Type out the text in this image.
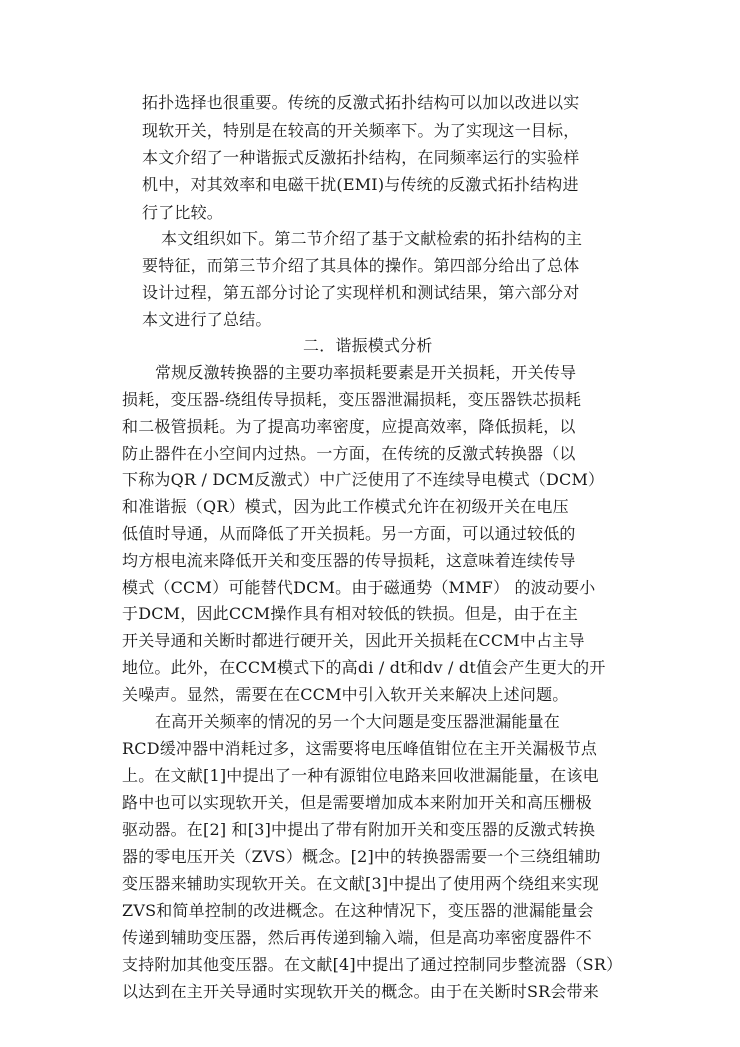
拓扑选择也很重要。传统的反激式拓扑结构可以加以改进以实
现软开关，特别是在较高的开关频率下。为了实现这一目标，
本文介绍了一种谐振式反激拓扑结构，在同频率运行的实验样
机中，对其效率和电磁干扰(EMI)与传统的反激式拓扑结构进
行了比较。
本文组织如下。第二节介绍了基于文献检索的拓扑结构的主
要特征，而第三节介绍了其具体的操作。第四部分给出了总体
设计过程，第五部分讨论了实现样机和测试结果，第六部分对
本文进行了总结。
二．谐振模式分析
常规反激转换器的主要功率损耗要素是开关损耗，开关传导
损耗，变压器-绕组传导损耗，变压器泄漏损耗，变压器铁芯损耗
和二极管损耗。为了提高功率密度，应提高效率，降低损耗，以
防止器件在小空间内过热。一方面，在传统的反激式转换器（以
下称为QR / DCM反激式）中广泛使用了不连续导电模式（DCM）
和准谐振（QR）模式，因为此工作模式允许在初级开关在电压
低值时导通，从而降低了开关损耗。另一方面，可以通过较低的
均方根电流来降低开关和变压器的传导损耗，这意味着连续传导
模式（CCM）可能替代DCM。由于磁通势（MMF） 的波动要小
于DCM，因此CCM操作具有相对较低的铁损。但是，由于在主
开关导通和关断时都进行硬开关，因此开关损耗在CCM中占主导
地位。此外，在CCM模式下的高di / dt和dv / dt值会产生更大的开
关噪声。显然，需要在在CCM中引入软开关来解决上述问题。
在高开关频率的情况的另一个大问题是变压器泄漏能量在
RCD缓冲器中消耗过多，这需要将电压峰值钳位在主开关漏极节点
上。在文献[1]中提出了一种有源钳位电路来回收泄漏能量，在该电
路中也可以实现软开关，但是需要增加成本来附加开关和高压栅极
驱动器。在[2] 和[3]中提出了带有附加开关和变压器的反激式转换
器的零电压开关（ZVS）概念。[2]中的转换器需要一个三绕组辅助
变压器来辅助实现软开关。在文献[3]中提出了使用两个绕组来实现
ZVS和简单控制的改进概念。在这种情况下，变压器的泄漏能量会
传递到辅助变压器，然后再传递到输入端，但是高功率密度器件不
支持附加其他变压器。在文献[4]中提出了通过控制同步整流器（SR）
以达到在主开关导通时实现软开关的概念。由于在关断时SR会带来
